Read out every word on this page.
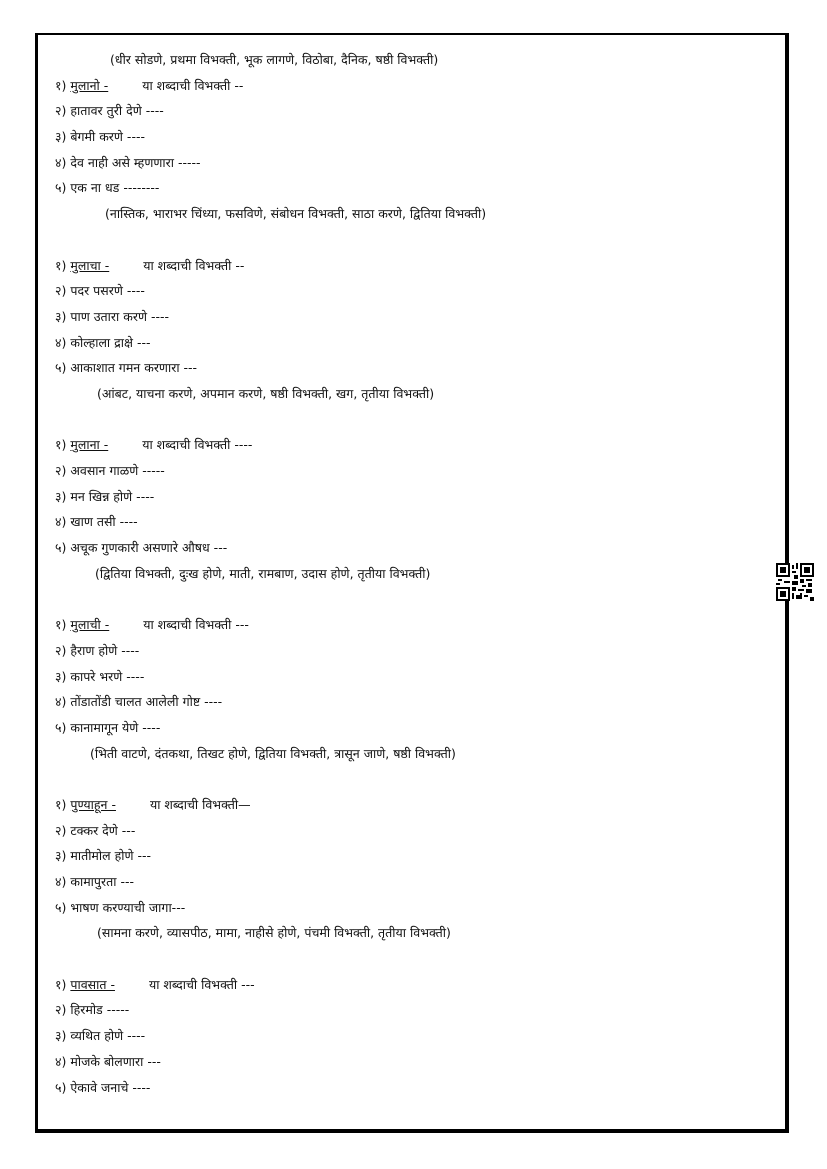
(धीर सोडणे, प्रथमा विभक्ती, भूक लागणे, विठोबा, दैनिक, षष्ठी विभक्ती)
१) मुलानो -	या शब्दाची विभक्ती --
२) हातावर तुरी देणे ----
३) बेगमी करणे ----
४) देव नाही असे म्हणणारा -----
५) एक ना धड --------
(नास्तिक, भाराभर चिंध्या, फसविणे, संबोधन विभक्ती, साठा करणे, द्वितिया विभक्ती)
१) मुलाचा -	या शब्दाची विभक्ती --
२) पदर पसरणे ----
३) पाण उतारा करणे ----
४) कोल्हाला द्राक्षे ---
५) आकाशात गमन करणारा ---
(आंबट, याचना करणे, अपमान करणे, षष्ठी विभक्ती, खग, तृतीया विभक्ती)
१) मुलाना -	या शब्दाची विभक्ती ----
२) अवसान गाळणे -----
३) मन खिन्न होणे ----
४) खाण तसी ----
५) अचूक गुणकारी असणारे औषध ---
(द्वितिया विभक्ती, दुःख होणे, माती, रामबाण, उदास होणे, तृतीया विभक्ती)
१) मुलाची -	या शब्दाची विभक्ती ---
२) हैराण होणे ----
३) कापरे भरणे ----
४) तोंडातोंडी चालत आलेली गोष्ट ----
५) कानामागून येणे ----
(भिती वाटणे, दंतकथा, तिखट होणे, द्वितिया विभक्ती, त्रासून जाणे, षष्ठी विभक्ती)
१) पुण्याहून -	या शब्दाची विभक्ती—
२) टक्कर देणे ---
३) मातीमोल होणे ---
४) कामापुरता ---
५) भाषण करण्याची जागा---
(सामना करणे, व्यासपीठ, मामा, नाहीसे होणे, पंचमी विभक्ती, तृतीया विभक्ती)
१) पावसात -	या शब्दाची विभक्ती ---
२) हिरमोड -----
३) व्यथित होणे ----
४) मोजके बोलणारा ---
५) ऐकावे जनाचे ----
